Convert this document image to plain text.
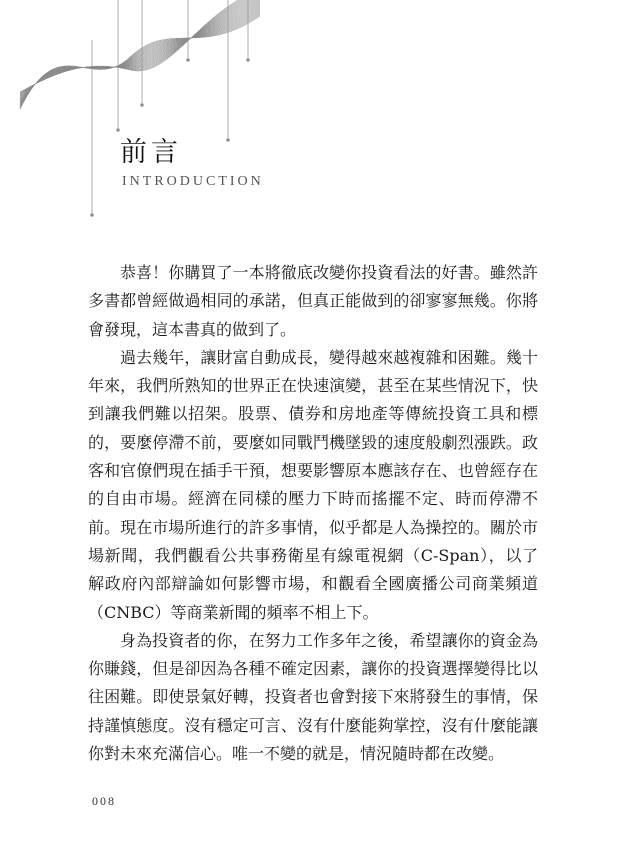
前言
INTRODUCTION

恭喜！你購買了一本將徹底改變你投資看法的好書。雖然許多書都曾經做過相同的承諾，但真正能做到的卻寥寥無幾。你將會發現，這本書真的做到了。

過去幾年，讓財富自動成長，變得越來越複雜和困難。幾十年來，我們所熟知的世界正在快速演變，甚至在某些情況下，快到讓我們難以招架。股票、債券和房地產等傳統投資工具和標的，要麼停滯不前，要麼如同戰鬥機墜毀的速度般劇烈漲跌。政客和官僚們現在插手干預，想要影響原本應該存在、也曾經存在的自由市場。經濟在同樣的壓力下時而搖擺不定、時而停滯不前。現在市場所進行的許多事情，似乎都是人為操控的。關於市場新聞，我們觀看公共事務衛星有線電視網（C-Span），以了解政府內部辯論如何影響市場，和觀看全國廣播公司商業頻道（CNBC）等商業新聞的頻率不相上下。

身為投資者的你，在努力工作多年之後，希望讓你的資金為你賺錢，但是卻因為各種不確定因素，讓你的投資選擇變得比以往困難。即使景氣好轉，投資者也會對接下來將發生的事情，保持謹慎態度。沒有穩定可言、沒有什麼能夠掌控，沒有什麼能讓你對未來充滿信心。唯一不變的就是，情況隨時都在改變。

008
